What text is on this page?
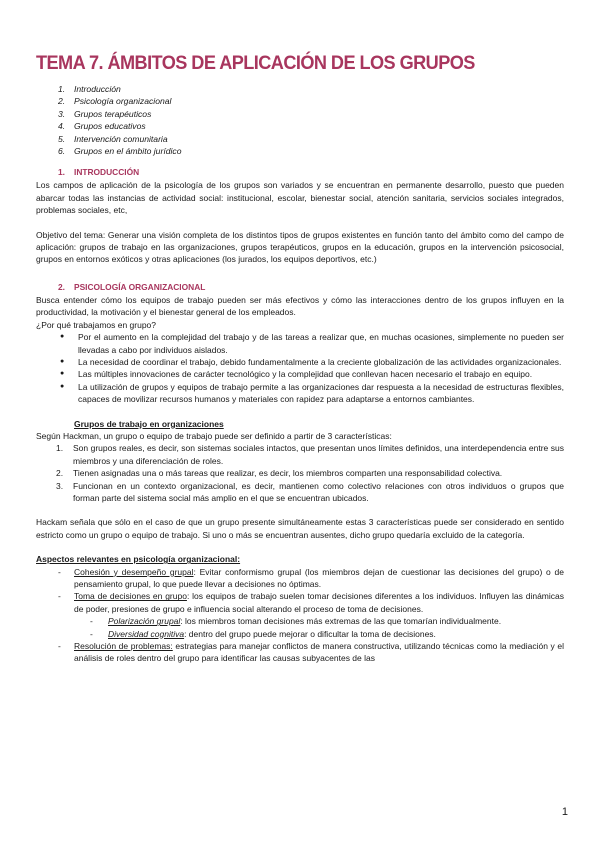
TEMA 7. ÁMBITOS DE APLICACIÓN DE LOS GRUPOS
1.	Introducción
2.	Psicología organizacional
3.	Grupos terapéuticos
4.	Grupos educativos
5.	Intervención comunitaria
6.	Grupos en el ámbito jurídico
1.	INTRODUCCIÓN

Los campos de aplicación de la psicología de los grupos son variados y se encuentran en permanente desarrollo, puesto que pueden abarcar todas las instancias de actividad social: institucional, escolar, bienestar social, atención sanitaria, servicios sociales integrados, problemas sociales, etc,

Objetivo del tema: Generar una visión completa de los distintos tipos de grupos existentes en función tanto del ámbito como del campo de aplicación: grupos de trabajo en las organizaciones, grupos terapéuticos, grupos en la educación, grupos en la intervención psicosocial, grupos en entornos exóticos y otras aplicaciones (los jurados, los equipos deportivos, etc.)

2.	PSICOLOGÍA ORGANIZACIONAL

Busca entender cómo los equipos de trabajo pueden ser más efectivos y cómo las interacciones dentro de los grupos influyen en la productividad, la motivación y el bienestar general de los empleados.

¿Por qué trabajamos en grupo?

● Por el aumento en la complejidad del trabajo y de las tareas a realizar que, en muchas ocasiones, simplemente no pueden ser llevadas a cabo por individuos aislados.
● La necesidad de coordinar el trabajo, debido fundamentalmente a la creciente globalización de las actividades organizacionales.
● Las múltiples innovaciones de carácter tecnológico y la complejidad que conllevan hacen necesario el trabajo en equipo.
● La utilización de grupos y equipos de trabajo permite a las organizaciones dar respuesta a la necesidad de estructuras flexibles, capaces de movilizar recursos humanos y materiales con rapidez para adaptarse a entornos cambiantes.
Grupos de trabajo en organizaciones

Según Hackman, un grupo o equipo de trabajo puede ser definido a partir de 3 características:

1.	Son grupos reales, es decir, son sistemas sociales intactos, que presentan unos límites definidos, una interdependencia entre sus miembros y una diferenciación de roles.
2.	Tienen asignadas una o más tareas que realizar, es decir, los miembros comparten una responsabilidad colectiva.
3.	Funcionan en un contexto organizacional, es decir, mantienen como colectivo relaciones con otros individuos o grupos que forman parte del sistema social más amplio en el que se encuentran ubicados.

Hackam señala que sólo en el caso de que un grupo presente simultáneamente estas 3 características puede ser considerado en sentido estricto como un grupo o equipo de trabajo. Si uno o más se encuentran ausentes, dicho grupo quedaría excluido de la categoría.

Aspectos relevantes en psicología organizacional:
- Cohesión y desempeño grupal: Evitar conformismo grupal (los miembros dejan de cuestionar las decisiones del grupo) o de pensamiento grupal, lo que puede llevar a decisiones no óptimas.
- Toma de decisiones en grupo: los equipos de trabajo suelen tomar decisiones diferentes a los individuos. Influyen las dinámicas de poder, presiones de grupo e influencia social alterando el proceso de toma de decisiones.
- Polarización grupal: los miembros toman decisiones más extremas de las que tomarían individualmente.
- Diversidad cognitiva: dentro del grupo puede mejorar o dificultar la toma de decisiones.
- Resolución de problemas: estrategias para manejar conflictos de manera constructiva, utilizando técnicas como la mediación y el análisis de roles dentro del grupo para identificar las causas subyacentes de las
1
